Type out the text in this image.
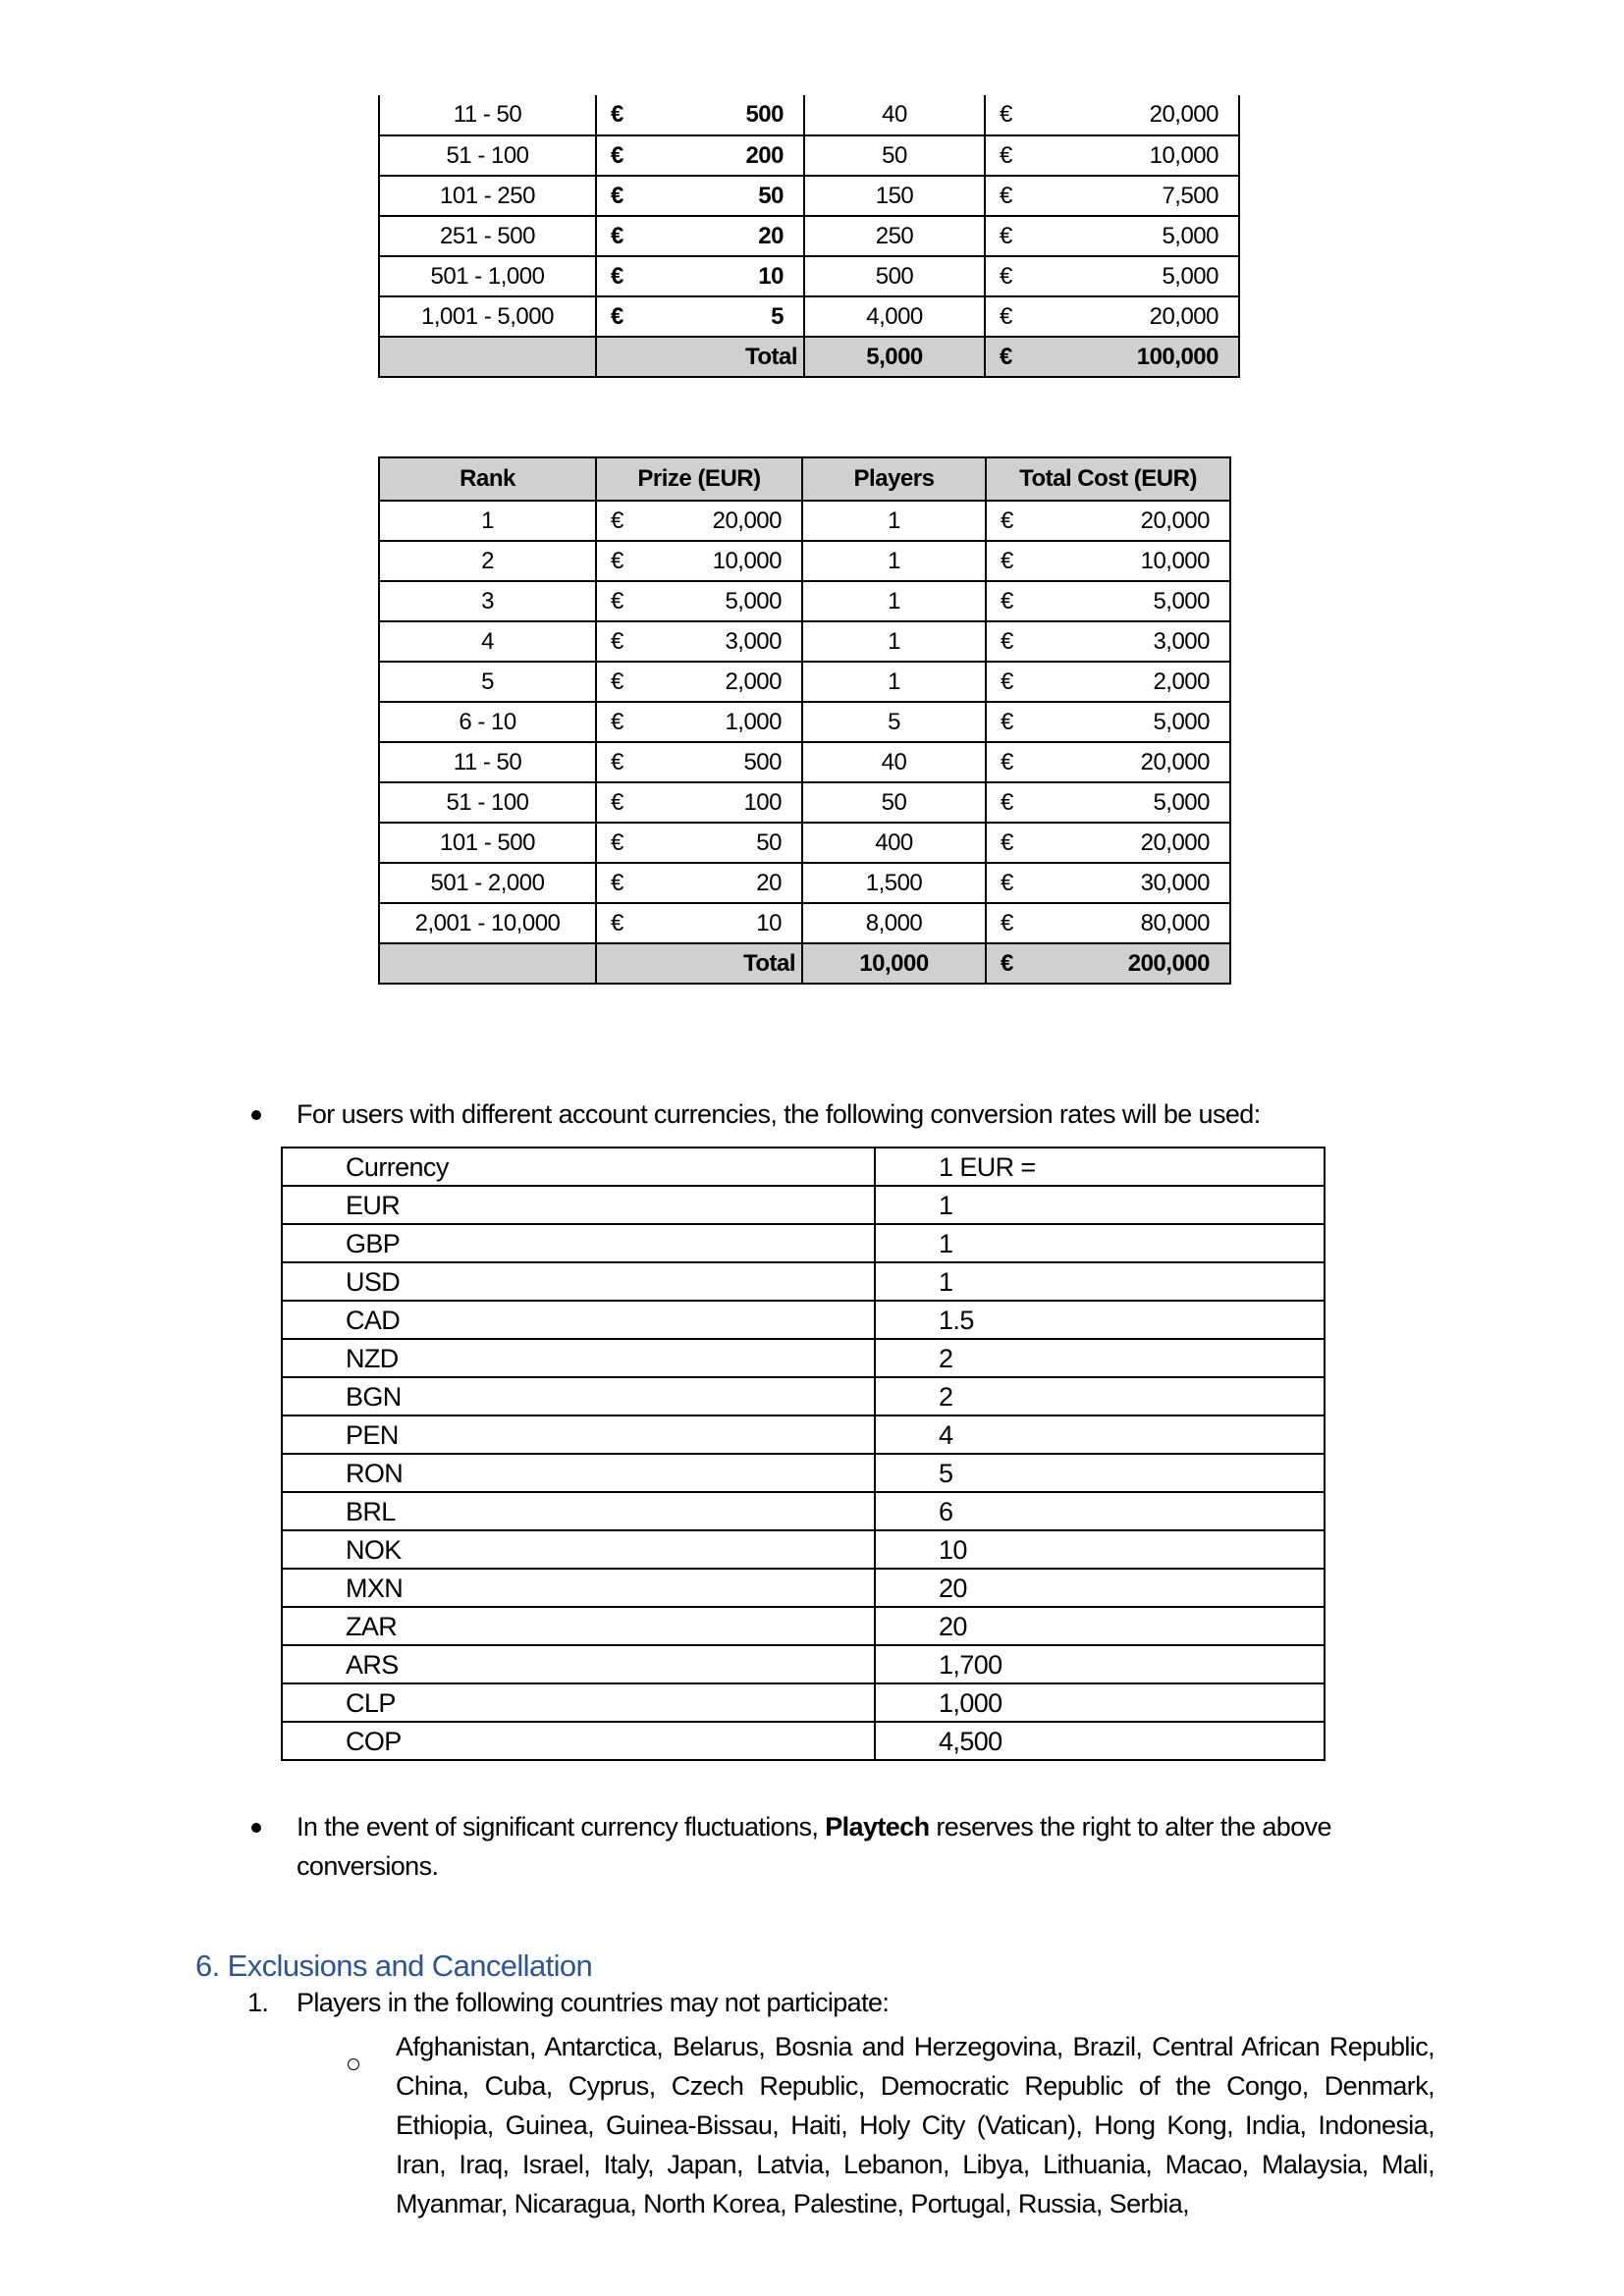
11 - 50	€ 500	40	€ 20,000

51 - 100	€ 200	50	€ 10,000

101 - 250	€ 50	150	€ 7,500

251 - 500	€ 20	250	€ 5,000

501 - 1,000	€ 10	500	€ 5,000

1,001 - 5,000	€ 5	4,000	€ 20,000

	Total	5,000	€ 100,000
Rank	Prize (EUR)	Players	Total Cost (EUR)
1	€ 20,000	1	€ 20,000

2	€ 10,000	1	€ 10,000

3	€ 5,000	1	€ 5,000

4	€ 3,000	1	€ 3,000

5	€ 2,000	1	€ 2,000

6 - 10	€ 1,000	5	€ 5,000

11 - 50	€ 500	40	€ 20,000

51 - 100	€ 100	50	€ 5,000

101 - 500	€ 50	400	€ 20,000

501 - 2,000	€ 20	1,500	€ 30,000

2,001 - 10,000	€ 10	8,000	€ 80,000

	Total	10,000	€ 200,000
For users with different account currencies, the following conversion rates will be used:
Currency	1 EUR =
EUR	1
GBP	1
USD	1
CAD	1.5
NZD	2
BGN	2
PEN	4
RON	5
BRL	6
NOK	10
MXN	20
ZAR	20
ARS	1,700
CLP	1,000
COP	4,500
In the event of significant currency fluctuations, Playtech reserves the right to alter the above conversions.
6. Exclusions and Cancellation
1. Players in the following countries may not participate:
Afghanistan, Antarctica, Belarus, Bosnia and Herzegovina, Brazil, Central African Republic, China, Cuba, Cyprus, Czech Republic, Democratic Republic of the Congo, Denmark, Ethiopia, Guinea, Guinea-Bissau, Haiti, Holy City (Vatican), Hong Kong, India, Indonesia, Iran, Iraq, Israel, Italy, Japan, Latvia, Lebanon, Libya, Lithuania, Macao, Malaysia, Mali, Myanmar, Nicaragua, North Korea, Palestine, Portugal, Russia, Serbia,
